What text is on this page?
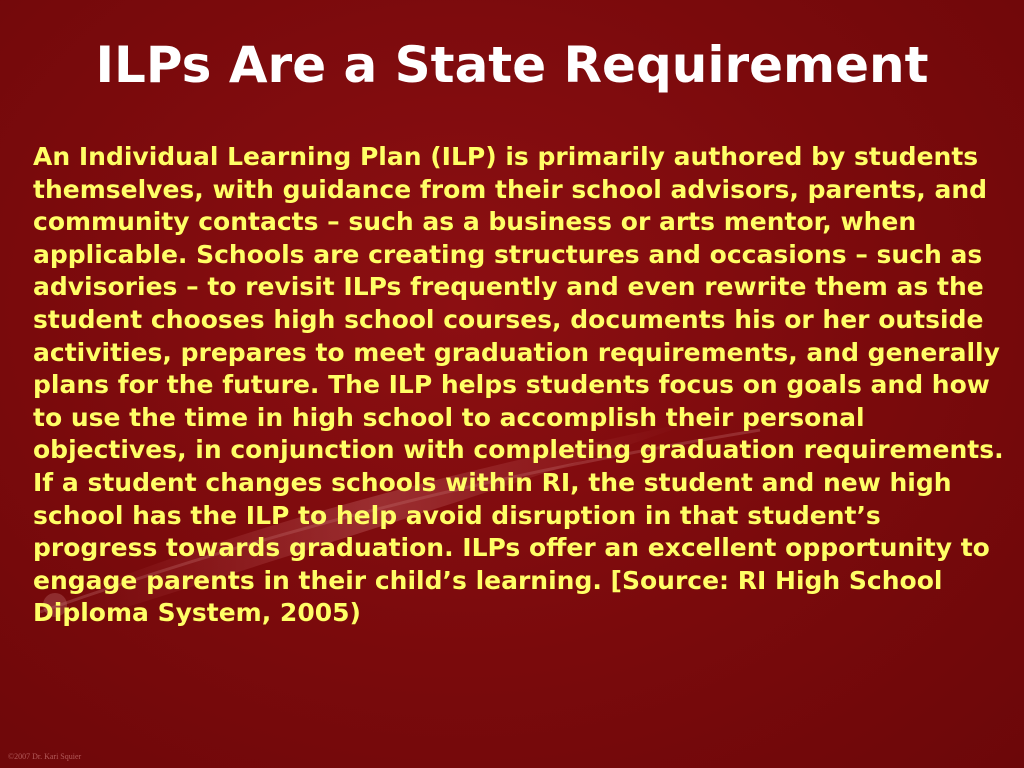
ILPs Are a State Requirement

An Individual Learning Plan (ILP) is primarily authored by students themselves, with guidance from their school advisors, parents, and community contacts – such as a business or arts mentor, when applicable. Schools are creating structures and occasions – such as advisories – to revisit ILPs frequently and even rewrite them as the student chooses high school courses, documents his or her outside activities, prepares to meet graduation requirements, and generally plans for the future. The ILP helps students focus on goals and how to use the time in high school to accomplish their personal objectives, in conjunction with completing graduation requirements. If a student changes schools within RI, the student and new high school has the ILP to help avoid disruption in that student’s progress towards graduation. ILPs offer an excellent opportunity to engage parents in their child’s learning. [Source: RI High School Diploma System, 2005)

©2007 Dr. Kari Squier
